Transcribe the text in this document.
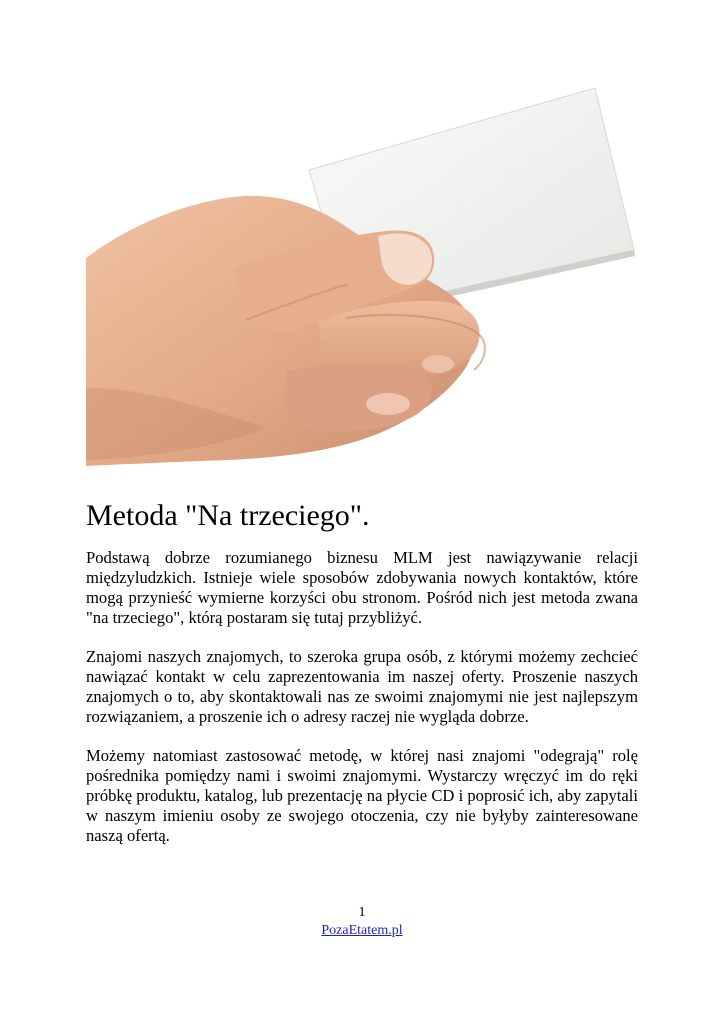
Metoda "Na trzeciego".

Podstawą dobrze rozumianego biznesu MLM jest nawiązywanie relacji międzyludzkich. Istnieje wiele sposobów zdobywania nowych kontaktów, które mogą przynieść wymierne korzyści obu stronom. Pośród nich jest metoda zwana "na trzeciego", którą postaram się tutaj przybliżyć.

Znajomi naszych znajomych, to szeroka grupa osób, z którymi możemy zechcieć nawiązać kontakt w celu zaprezentowania im naszej oferty. Proszenie naszych znajomych o to, aby skontaktowali nas ze swoimi znajomymi nie jest najlepszym rozwiązaniem, a proszenie ich o adresy raczej nie wygląda dobrze.

Możemy natomiast zastosować metodę, w której nasi znajomi "odegrają" rolę pośrednika pomiędzy nami i swoimi znajomymi. Wystarczy wręczyć im do ręki próbkę produktu, katalog, lub prezentację na płycie CD i poprosić ich, aby zapytali w naszym imieniu osoby ze swojego otoczenia, czy nie byłyby zainteresowane naszą ofertą.

1
PozaEtatem.pl
